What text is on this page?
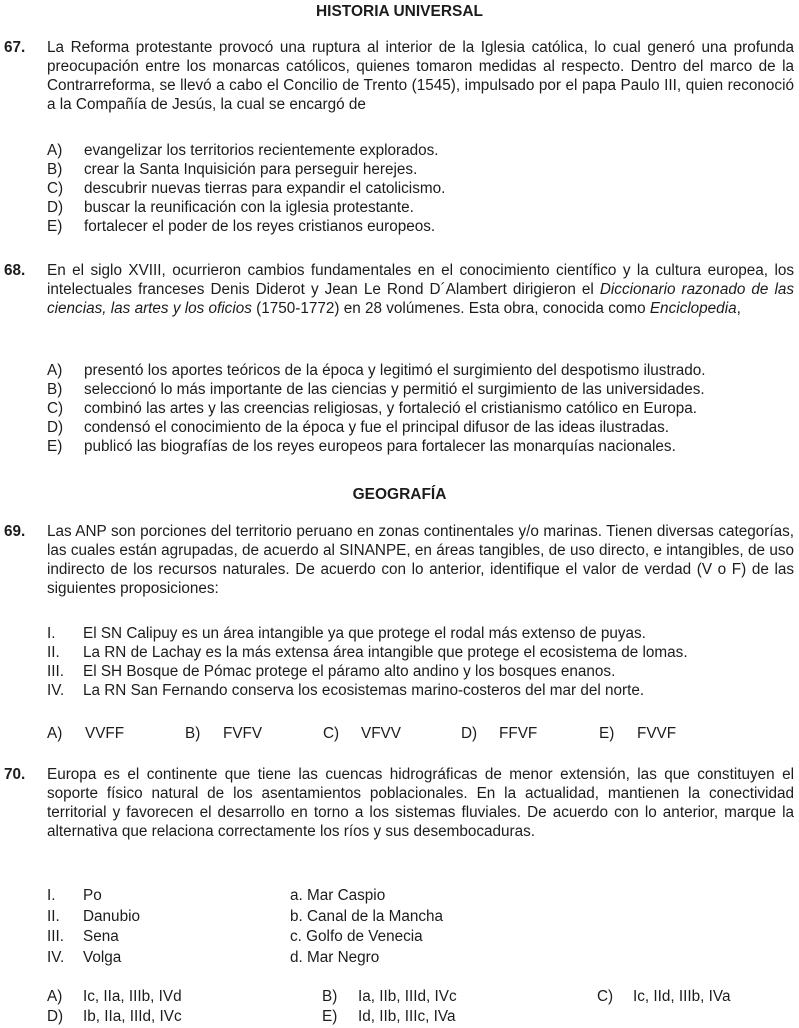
HISTORIA UNIVERSAL
67. La Reforma protestante provocó una ruptura al interior de la Iglesia católica, lo cual generó una profunda preocupación entre los monarcas católicos, quienes tomaron medidas al respecto. Dentro del marco de la Contrarreforma, se llevó a cabo el Concilio de Trento (1545), impulsado por el papa Paulo III, quien reconoció a la Compañía de Jesús, la cual se encargó de
A)	evangelizar los territorios recientemente explorados.
B)	crear la Santa Inquisición para perseguir herejes.
C)	descubrir nuevas tierras para expandir el catolicismo.
D)	buscar la reunificación con la iglesia protestante.
E)	fortalecer el poder de los reyes cristianos europeos.
68. En el siglo XVIII, ocurrieron cambios fundamentales en el conocimiento científico y la cultura europea, los intelectuales franceses Denis Diderot y Jean Le Rond D´Alambert dirigieron el Diccionario razonado de las ciencias, las artes y los oficios (1750-1772) en 28 volúmenes. Esta obra, conocida como Enciclopedia,
A)	presentó los aportes teóricos de la época y legitimó el surgimiento del despotismo ilustrado.
B)	seleccionó lo más importante de las ciencias y permitió el surgimiento de las universidades.
C)	combinó las artes y las creencias religiosas, y fortaleció el cristianismo católico en Europa.
D)	condensó el conocimiento de la época y fue el principal difusor de las ideas ilustradas.
E)	publicó las biografías de los reyes europeos para fortalecer las monarquías nacionales.
GEOGRAFÍA
69. Las ANP son porciones del territorio peruano en zonas continentales y/o marinas. Tienen diversas categorías, las cuales están agrupadas, de acuerdo al SINANPE, en áreas tangibles, de uso directo, e intangibles, de uso indirecto de los recursos naturales. De acuerdo con lo anterior, identifique el valor de verdad (V o F) de las siguientes proposiciones:
I.	El SN Calipuy es un área intangible ya que protege el rodal más extenso de puyas.
II.	La RN de Lachay es la más extensa área intangible que protege el ecosistema de lomas.
III.	El SH Bosque de Pómac protege el páramo alto andino y los bosques enanos.
IV.	La RN San Fernando conserva los ecosistemas marino-costeros del mar del norte.
A)	VVFF	B)	FVFV	C)	VFVV	D)	FFVF	E)	FVVF
70. Europa es el continente que tiene las cuencas hidrográficas de menor extensión, las que constituyen el soporte físico natural de los asentamientos poblacionales. En la actualidad, mantienen la conectividad territorial y favorecen el desarrollo en torno a los sistemas fluviales. De acuerdo con lo anterior, marque la alternativa que relaciona correctamente los ríos y sus desembocaduras.
I.	Po	a. Mar Caspio
II.	Danubio	b. Canal de la Mancha
III.	Sena	c. Golfo de Venecia
IV.	Volga	d. Mar Negro
A)	Ic, IIa, IIIb, IVd	B)	Ia, IIb, IIId, IVc	C)	Ic, IId, IIIb, IVa
D)	Ib, IIa, IIId, IVc	E)	Id, IIb, IIIc, IVa
